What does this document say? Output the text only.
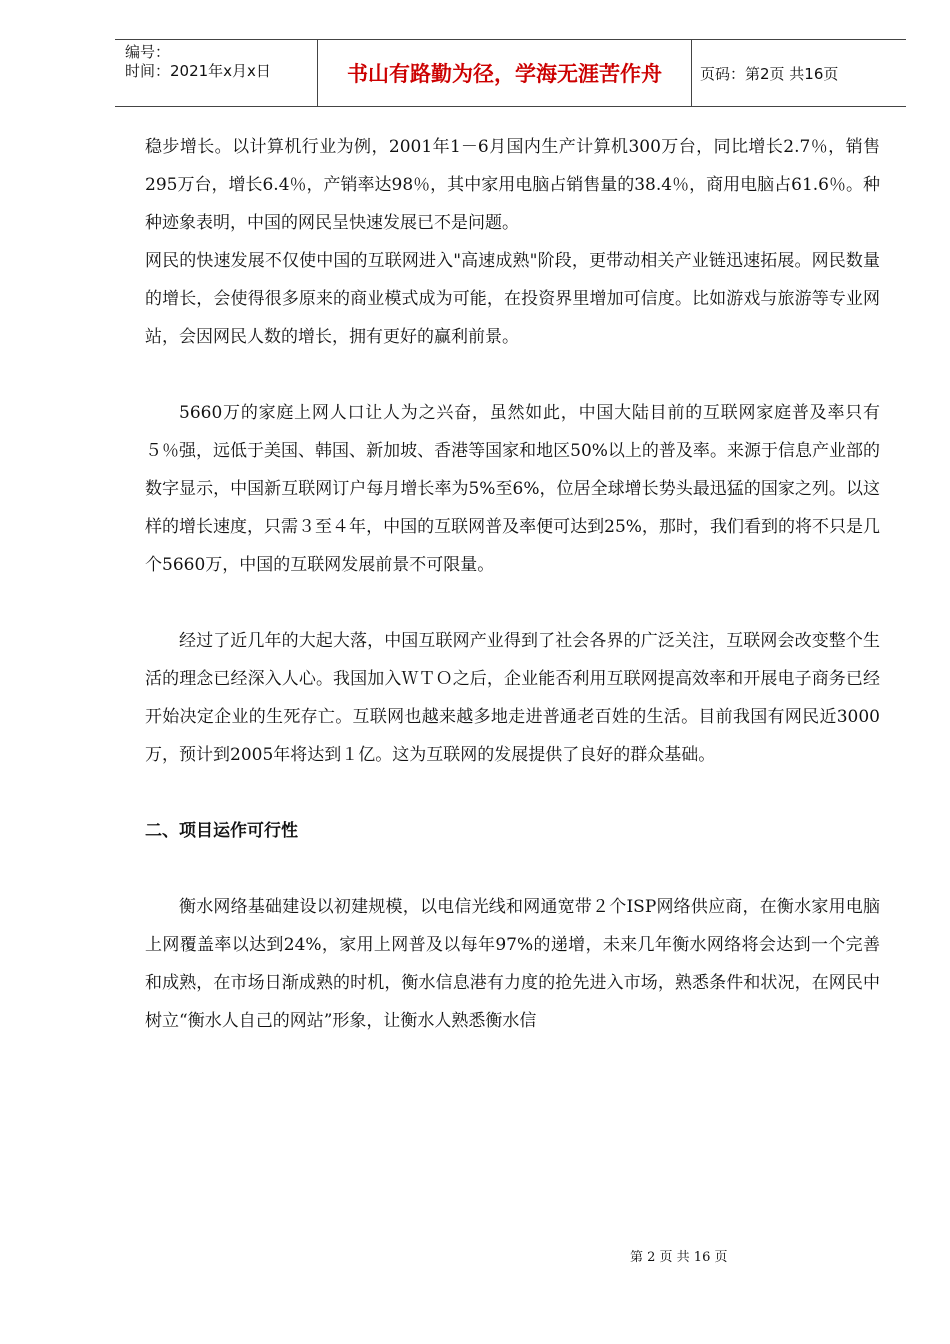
编号：
时间：2021年x月x日	书山有路勤为径，学海无涯苦作舟	页码：第2页 共16页

稳步增长。以计算机行业为例，2001年1－6月国内生产计算机300万台，同比增长2.7％，销售295万台，增长6.4％，产销率达98％，其中家用电脑占销售量的38.4％，商用电脑占61.6％。种种迹象表明，中国的网民呈快速发展已不是问题。

网民的快速发展不仅使中国的互联网进入"高速成熟"阶段，更带动相关产业链迅速拓展。网民数量的增长，会使得很多原来的商业模式成为可能，在投资界里增加可信度。比如游戏与旅游等专业网站，会因网民人数的增长，拥有更好的赢利前景。

5660万的家庭上网人口让人为之兴奋，虽然如此，中国大陆目前的互联网家庭普及率只有５％强，远低于美国、韩国、新加坡、香港等国家和地区50%以上的普及率。来源于信息产业部的数字显示，中国新互联网订户每月增长率为5%至6%，位居全球增长势头最迅猛的国家之列。以这样的增长速度，只需３至４年，中国的互联网普及率便可达到25%，那时，我们看到的将不只是几个5660万，中国的互联网发展前景不可限量。

经过了近几年的大起大落，中国互联网产业得到了社会各界的广泛关注，互联网会改变整个生活的理念已经深入人心。我国加入ＷＴＯ之后，企业能否利用互联网提高效率和开展电子商务已经开始决定企业的生死存亡。互联网也越来越多地走进普通老百姓的生活。目前我国有网民近3000万，预计到2005年将达到１亿。这为互联网的发展提供了良好的群众基础。

二、项目运作可行性

衡水网络基础建设以初建规模，以电信光线和网通宽带２个ISP网络供应商，在衡水家用电脑上网覆盖率以达到24%，家用上网普及以每年97%的递增，未来几年衡水网络将会达到一个完善和成熟，在市场日渐成熟的时机，衡水信息港有力度的抢先进入市场，熟悉条件和状况，在网民中树立“衡水人自己的网站”形象，让衡水人熟悉衡水信

第 2 页 共 16 页
